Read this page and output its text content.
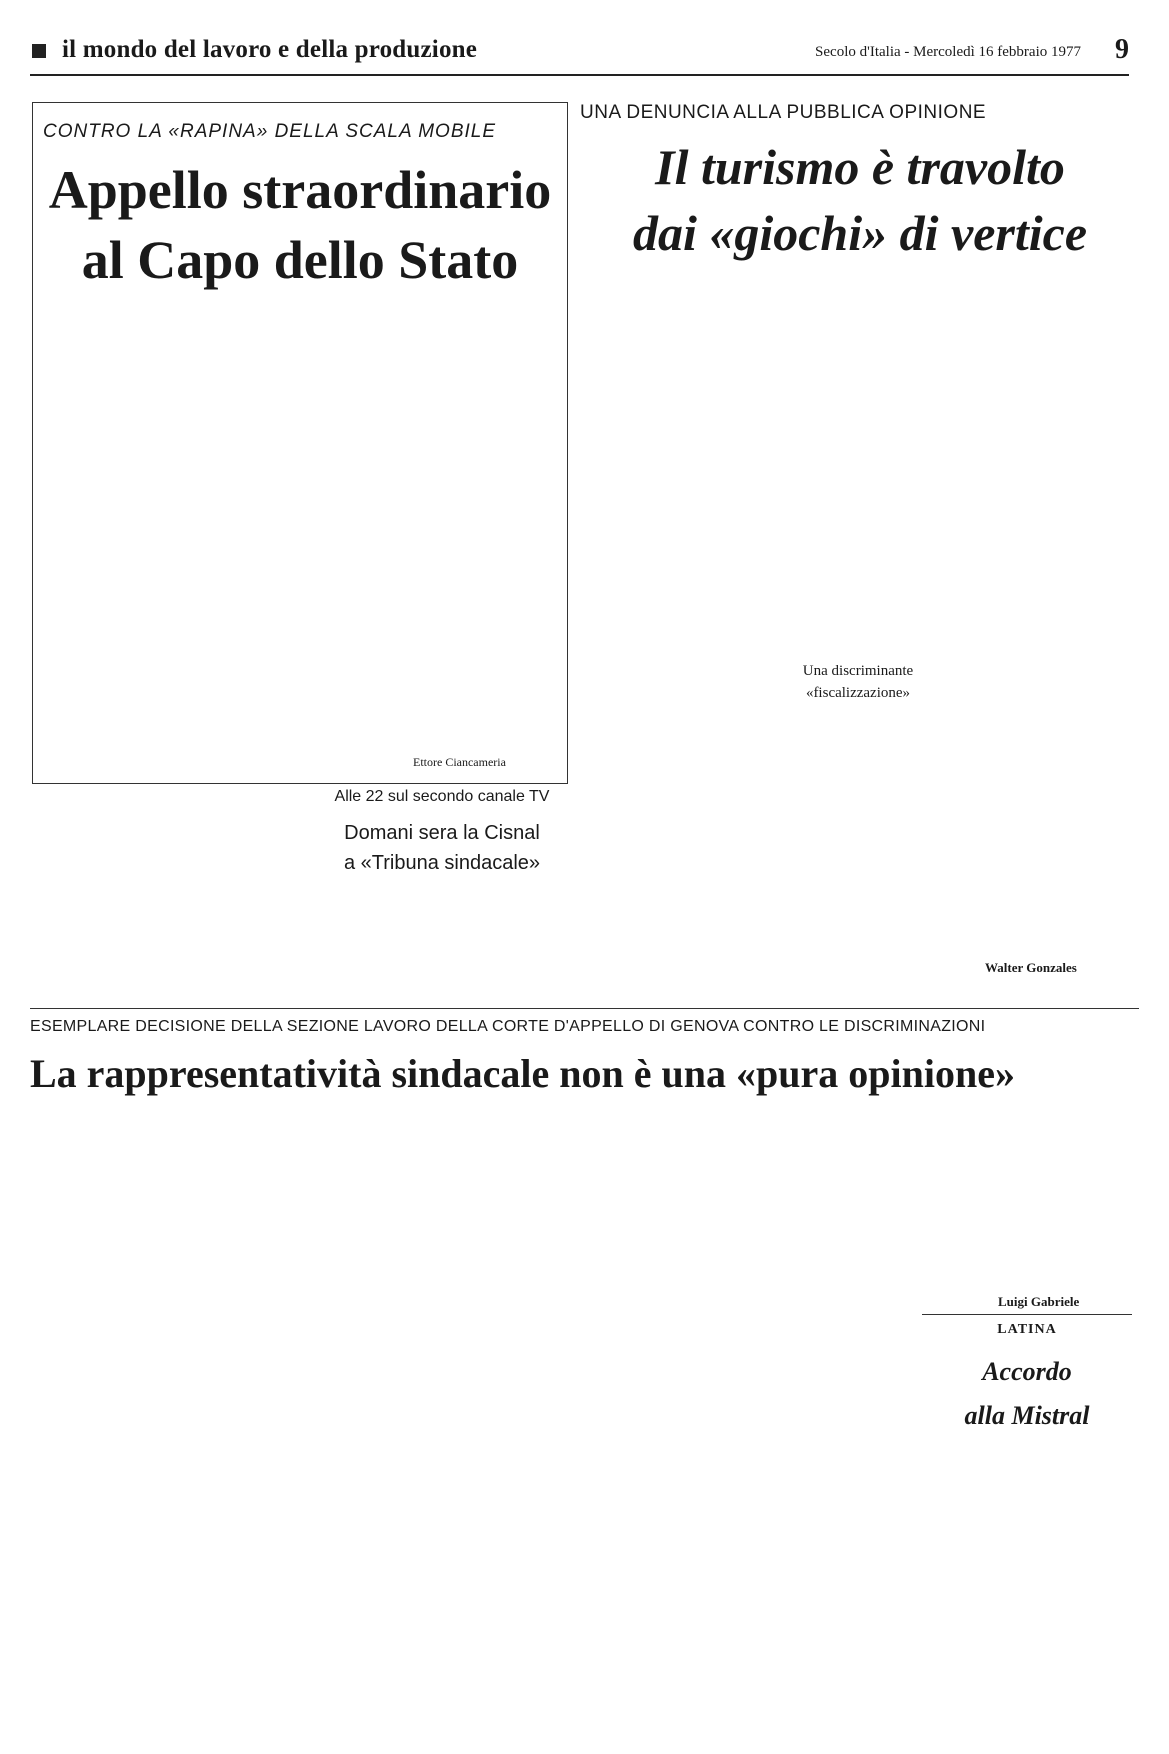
il mondo del lavoro e della produzione	Secolo d'Italia - Mercoledì 16 febbraio 1977 9
CONTRO LA «RAPINA» DELLA SCALA MOBILE
Appello straordinario
al Capo dello Stato
Ettore Ciancameria
Alle 22 sul secondo canale TV
Domani sera la Cisnal
a «Tribuna sindacale»
UNA DENUNCIA ALLA PUBBLICA OPINIONE
Il turismo è travolto
dai «giochi» di vertice
Una discriminante
«fiscalizzazione»
Walter Gonzales
ESEMPLARE DECISIONE DELLA SEZIONE LAVORO DELLA CORTE D'APPELLO DI GENOVA CONTRO LE DISCRIMINAZIONI
La rappresentatività sindacale non è una «pura opinione»
Luigi Gabriele
LATINA
Accordo
alla Mistral
